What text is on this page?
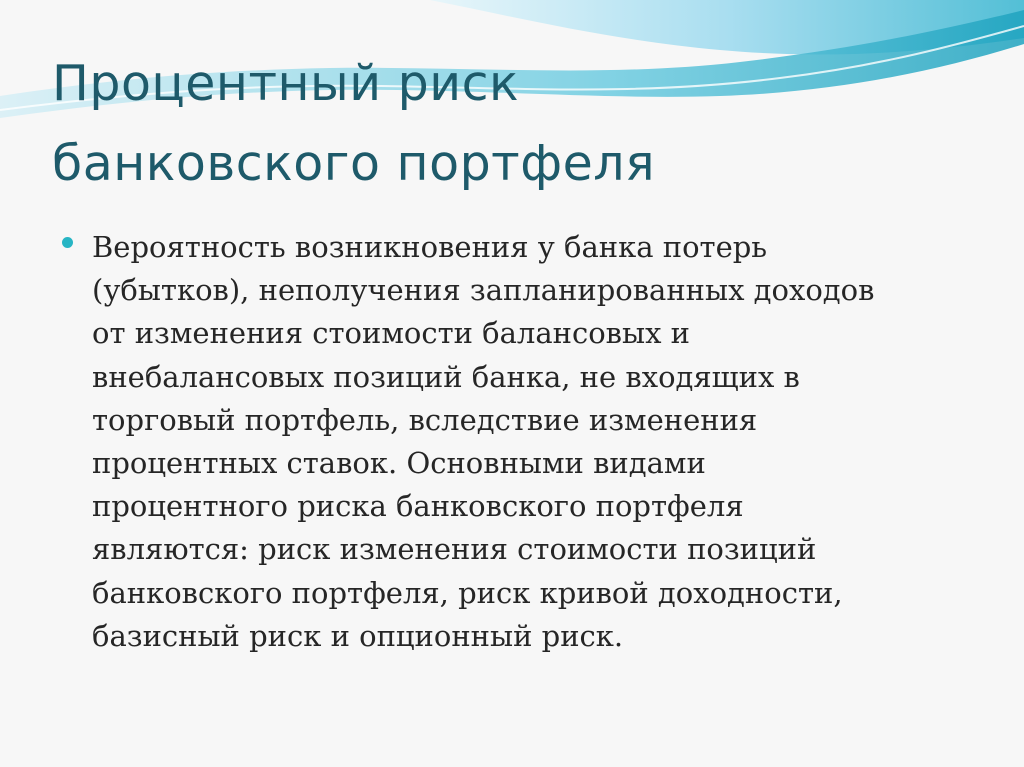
Процентный риск
банковского портфеля

Вероятность возникновения у банка потерь
(убытков), неполучения запланированных доходов
от изменения стоимости балансовых и
внебалансовых позиций банка, не входящих в
торговый портфель, вследствие изменения
процентных ставок. Основными видами
процентного риска банковского портфеля
являются: риск изменения стоимости позиций
банковского портфеля, риск кривой доходности,
базисный риск и опционный риск.
